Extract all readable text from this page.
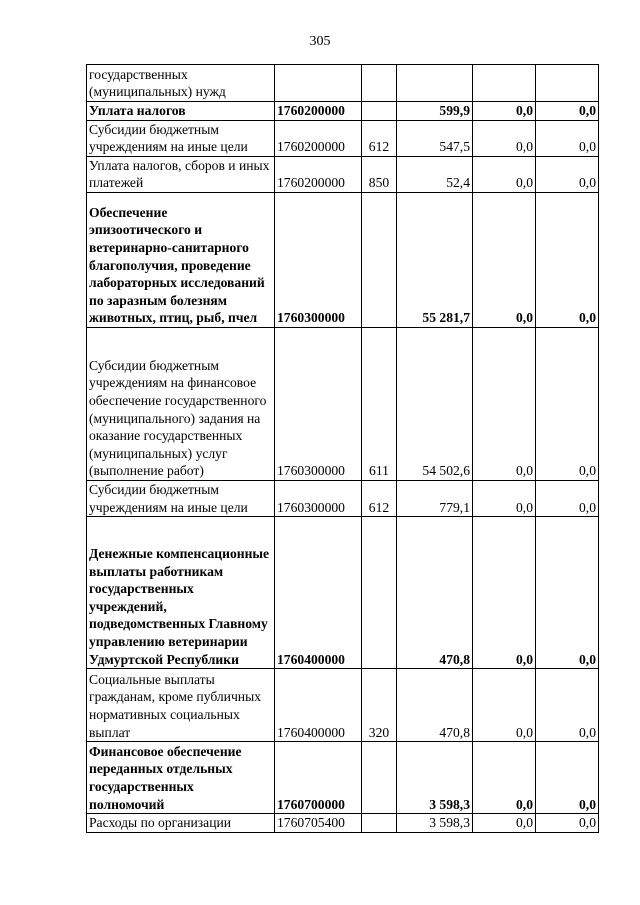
305
государственных (муниципальных) нужд					
Уплата налогов	1760200000		599,9	0,0	0,0
Субсидии бюджетным учреждениям на иные цели	1760200000	612	547,5	0,0	0,0
Уплата налогов, сборов и иных платежей	1760200000	850	52,4	0,0	0,0
Обеспечение эпизоотического и ветеринарно-санитарного благополучия, проведение лабораторных исследований по заразным болезням животных, птиц, рыб, пчел	1760300000		55 281,7	0,0	0,0
Субсидии бюджетным учреждениям на финансовое обеспечение государственного (муниципального) задания на оказание государственных (муниципальных) услуг (выполнение работ)	1760300000	611	54 502,6	0,0	0,0
Субсидии бюджетным учреждениям на иные цели	1760300000	612	779,1	0,0	0,0
Денежные компенсационные выплаты работникам государственных учреждений, подведомственных Главному управлению ветеринарии Удмуртской Республики	1760400000		470,8	0,0	0,0
Социальные выплаты гражданам, кроме публичных нормативных социальных выплат	1760400000	320	470,8	0,0	0,0
Финансовое обеспечение переданных отдельных государственных полномочий	1760700000		3 598,3	0,0	0,0
Расходы по организации	1760705400		3 598,3	0,0	0,0
